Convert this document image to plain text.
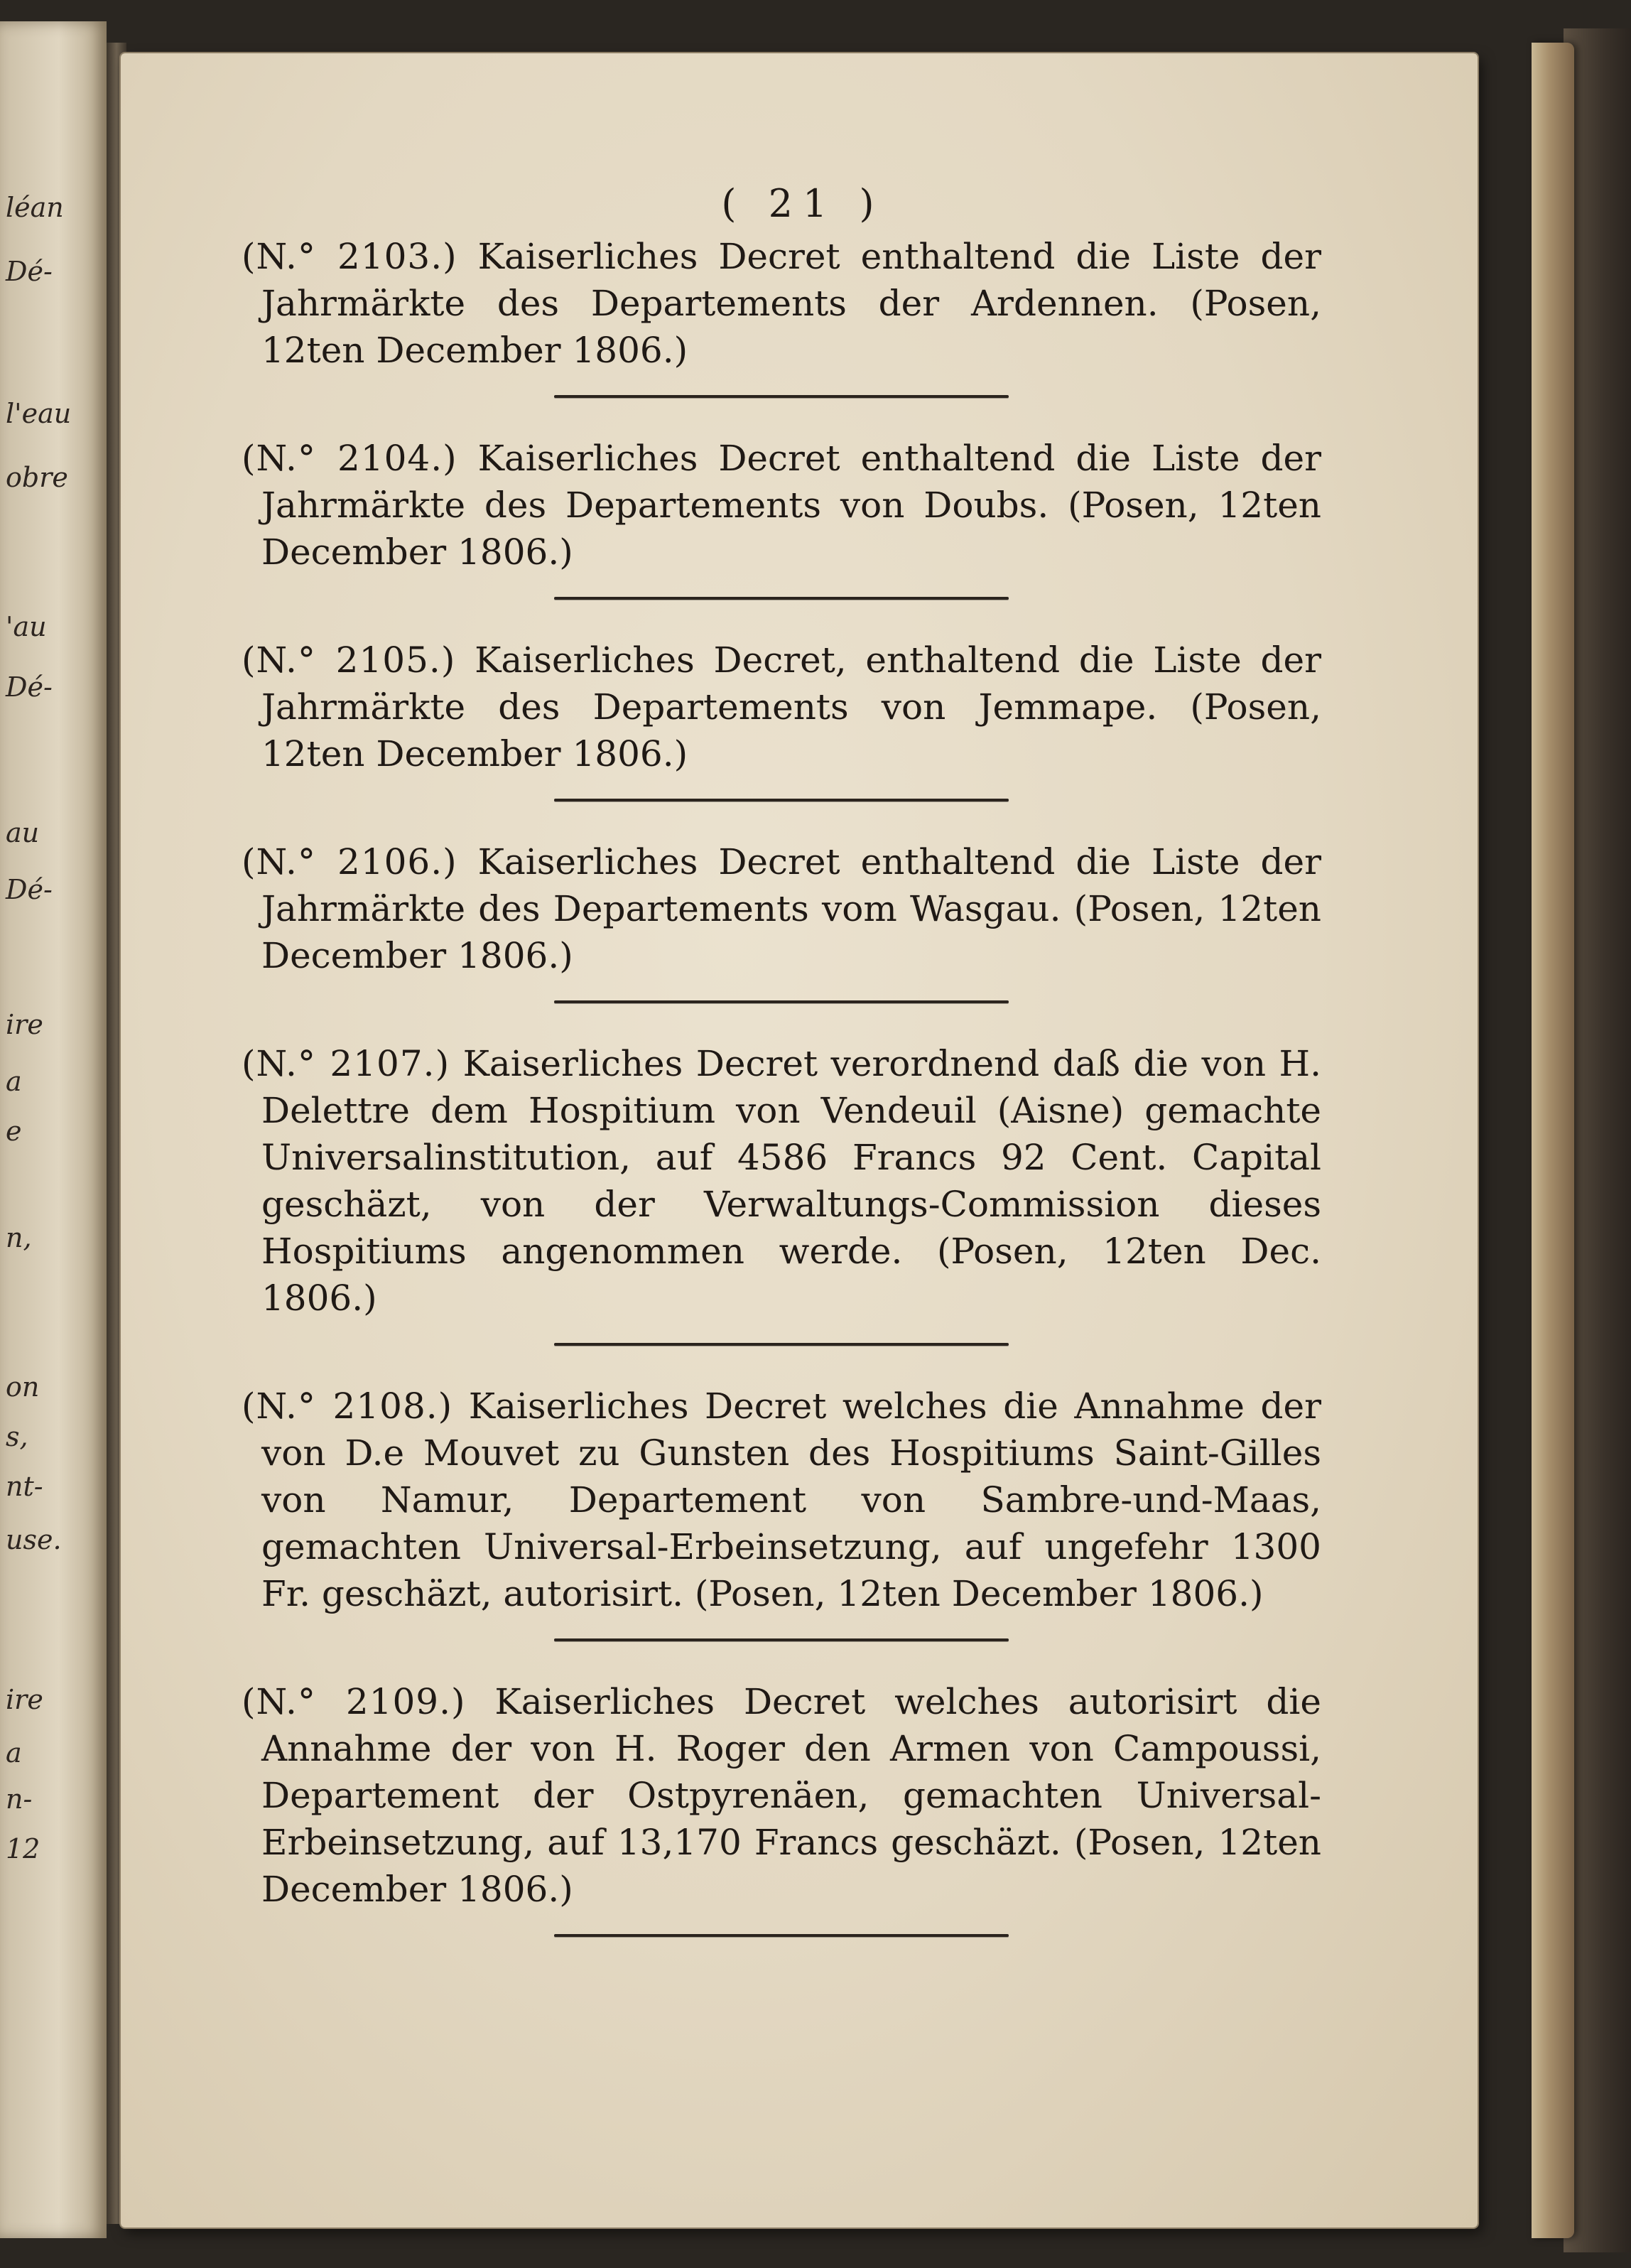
léan
Dé-
l'eau
obre
'au
Dé-
au
Dé-
ire
a
e
n,
on
s,
nt-
use.
ire
a
n-
12
( 21 )

(N.° 2103.) Kaiserliches Decret enthaltend die Liste der Jahrmärkte des Departements der Ardennen. (Posen, 12ten December 1806.)

(N.° 2104.) Kaiserliches Decret enthaltend die Liste der Jahrmärkte des Departements von Doubs. (Posen, 12ten December 1806.)

(N.° 2105.) Kaiserliches Decret, enthaltend die Liste der Jahrmärkte des Departements von Jemmape. (Posen, 12ten December 1806.)

(N.° 2106.) Kaiserliches Decret enthaltend die Liste der Jahrmärkte des Departements vom Wasgau. (Posen, 12ten December 1806.)

(N.° 2107.) Kaiserliches Decret verordnend daß die von H. Delettre dem Hospitium von Vendeuil (Aisne) gemachte Universalinstitution, auf 4586 Francs 92 Cent. Capital geschäzt, von der Verwaltungs-Commission dieses Hospitiums angenommen werde. (Posen, 12ten Dec. 1806.)

(N.° 2108.) Kaiserliches Decret welches die Annahme der von D.e Mouvet zu Gunsten des Hospitiums Saint-Gilles von Namur, Departement von Sambre-und-Maas, gemachten Universal-Erbeinsetzung, auf ungefehr 1300 Fr. geschäzt, autorisirt. (Posen, 12ten December 1806.)

(N.° 2109.) Kaiserliches Decret welches autorisirt die Annahme der von H. Roger den Armen von Campoussi, Departement der Ostpyrenäen, gemachten Universal-Erbeinsetzung, auf 13,170 Francs geschäzt. (Posen, 12ten December 1806.)
